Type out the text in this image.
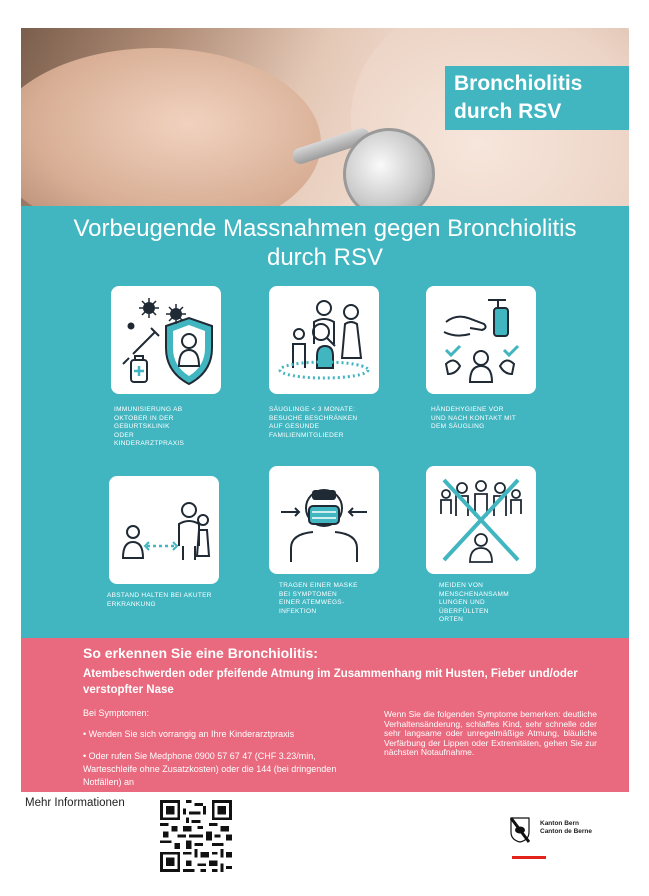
Bronchiolitis
durch RSV
Vorbeugende Massnahmen gegen Bronchiolitis
durch RSV
IMMUNISIERUNG AB
OKTOBER IN DER
GEBURTSKLINIK
ODER
KINDERARZTPRAXIS
SÄUGLINGE < 3 MONATE:
BESUCHE BESCHRÄNKEN
AUF GESUNDE
FAMILIENMITGLIEDER
HÄNDEHYGIENE VOR
UND NACH KONTAKT MIT
DEM SÄUGLING
ABSTAND HALTEN BEI AKUTER
ERKRANKUNG
TRAGEN EINER MASKE
BEI SYMPTOMEN
EINER ATEMWEGS-
INFEKTION
MEIDEN VON
MENSCHENANSAMM
LUNGEN UND
ÜBERFÜLLTEN
ORTEN
So erkennen Sie eine Bronchiolitis:
Atembeschwerden oder pfeifende Atmung im Zusammenhang mit Husten, Fieber und/oder verstopfter Nase
Bei Symptomen:
• Wenden Sie sich vorrangig an Ihre Kinderarztpraxis
• Oder rufen Sie Medphone 0900 57 67 47 (CHF 3.23/min, Warteschleife ohne Zusatzkosten) oder die 144 (bei dringenden Notfällen) an
Wenn Sie die folgenden Symptome bemerken: deutliche Verhaltensänderung, schlaffes Kind, sehr schnelle oder sehr langsame oder unregelmäßige Atmung, bläuliche Verfärbung der Lippen oder Extremitäten, gehen Sie zur nächsten Notaufnahme.
Mehr Informationen
Kanton Bern
Canton de Berne
